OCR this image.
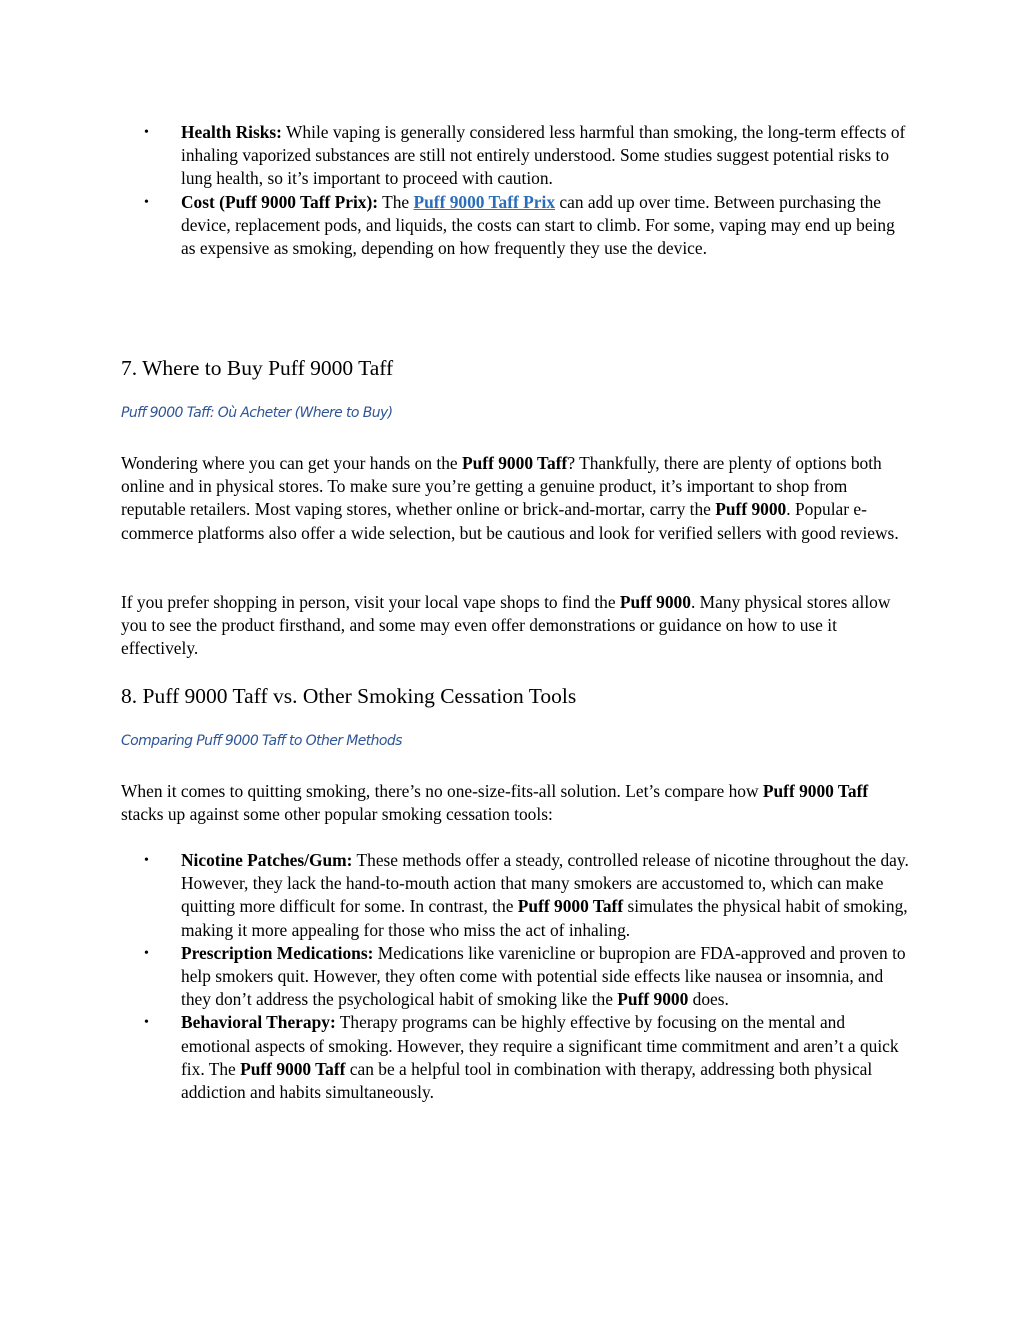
• Health Risks: While vaping is generally considered less harmful than smoking, the long-term effects of inhaling vaporized substances are still not entirely understood. Some studies suggest potential risks to lung health, so it’s important to proceed with caution.
• Cost (Puff 9000 Taff Prix): The Puff 9000 Taff Prix can add up over time. Between purchasing the device, replacement pods, and liquids, the costs can start to climb. For some, vaping may end up being as expensive as smoking, depending on how frequently they use the device.
7. Where to Buy Puff 9000 Taff
Puff 9000 Taff: Où Acheter (Where to Buy)

Wondering where you can get your hands on the Puff 9000 Taff? Thankfully, there are plenty of options both online and in physical stores. To make sure you’re getting a genuine product, it’s important to shop from reputable retailers. Most vaping stores, whether online or brick-and-mortar, carry the Puff 9000. Popular e-commerce platforms also offer a wide selection, but be cautious and look for verified sellers with good reviews.

If you prefer shopping in person, visit your local vape shops to find the Puff 9000. Many physical stores allow you to see the product firsthand, and some may even offer demonstrations or guidance on how to use it effectively.

8. Puff 9000 Taff vs. Other Smoking Cessation Tools
Comparing Puff 9000 Taff to Other Methods

When it comes to quitting smoking, there’s no one-size-fits-all solution. Let’s compare how Puff 9000 Taff stacks up against some other popular smoking cessation tools:

• Nicotine Patches/Gum: These methods offer a steady, controlled release of nicotine throughout the day. However, they lack the hand-to-mouth action that many smokers are accustomed to, which can make quitting more difficult for some. In contrast, the Puff 9000 Taff simulates the physical habit of smoking, making it more appealing for those who miss the act of inhaling.
• Prescription Medications: Medications like varenicline or bupropion are FDA-approved and proven to help smokers quit. However, they often come with potential side effects like nausea or insomnia, and they don’t address the psychological habit of smoking like the Puff 9000 does.
• Behavioral Therapy: Therapy programs can be highly effective by focusing on the mental and emotional aspects of smoking. However, they require a significant time commitment and aren’t a quick fix. The Puff 9000 Taff can be a helpful tool in combination with therapy, addressing both physical addiction and habits simultaneously.
